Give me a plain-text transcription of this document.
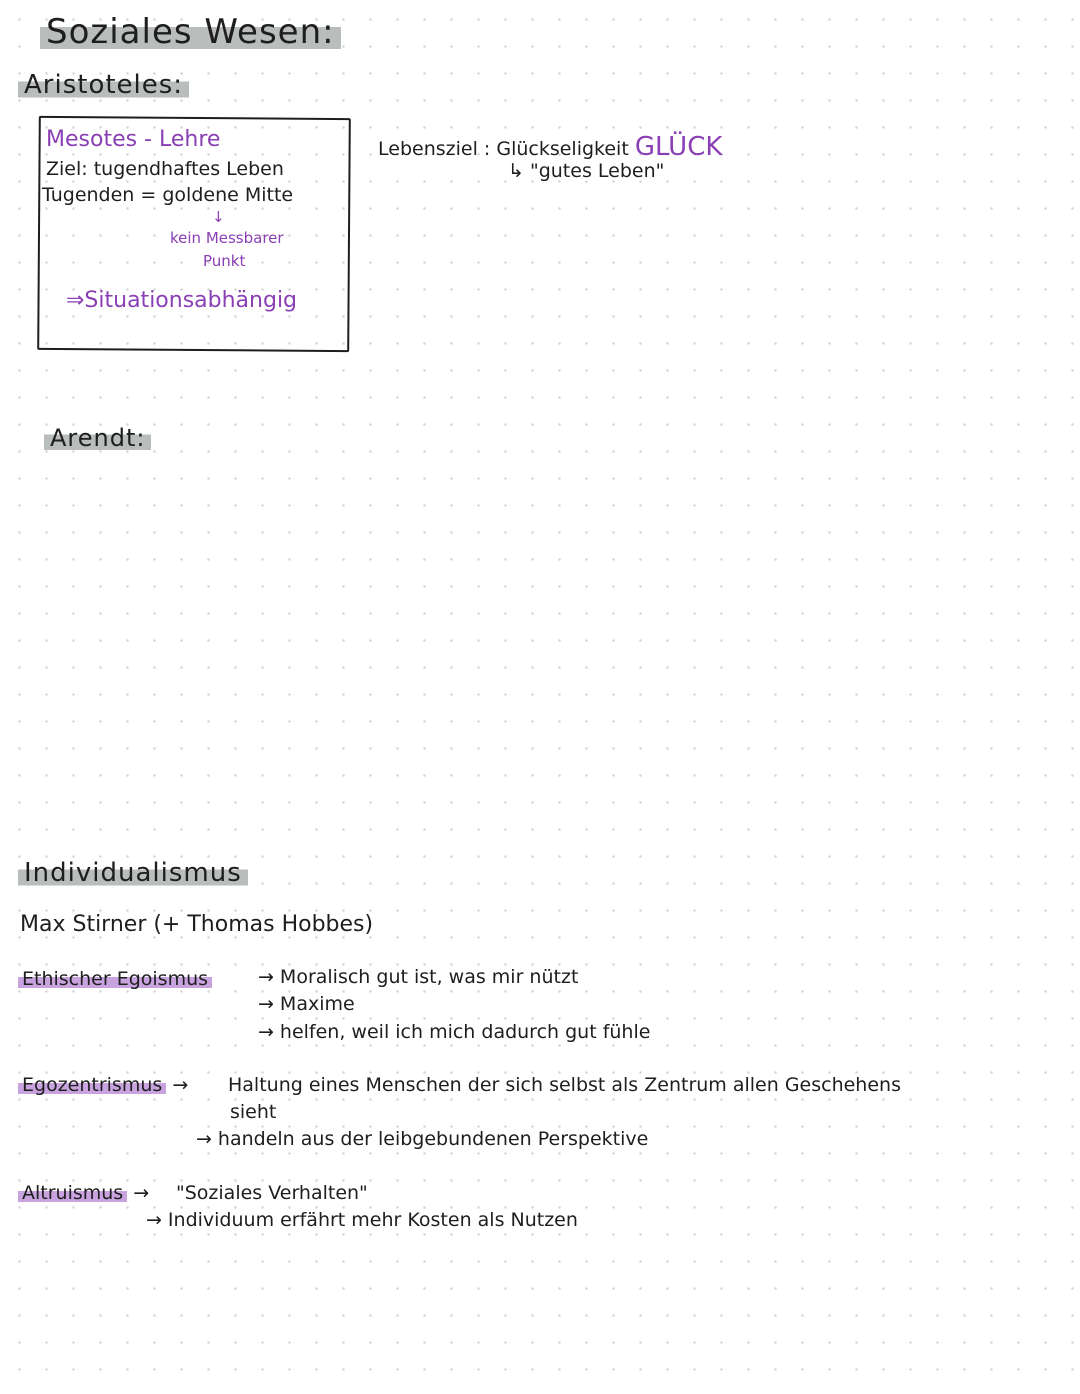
Soziales Wesen:
Aristoteles:
Mesotes - Lehre
Ziel: tugendhaftes Leben
Tugenden = goldene Mitte
↓
kein Messbarer
Punkt
⇒Situationsabhängig
Lebensziel : Glückseligkeit GLÜCK
↳ "gutes Leben"
Arendt:
Individualismus
Max Stirner (+ Thomas Hobbes)
Ethischer Egoismus	→ Moralisch gut ist, was mir nützt
→ Maxime
→ helfen, weil ich mich dadurch gut fühle
Egozentrismus →	Haltung eines Menschen der sich selbst als Zentrum allen Geschehens
sieht
→ handeln aus der leibgebundenen Perspektive
Altruismus →	"Soziales Verhalten"
→ Individuum erfährt mehr Kosten als Nutzen
